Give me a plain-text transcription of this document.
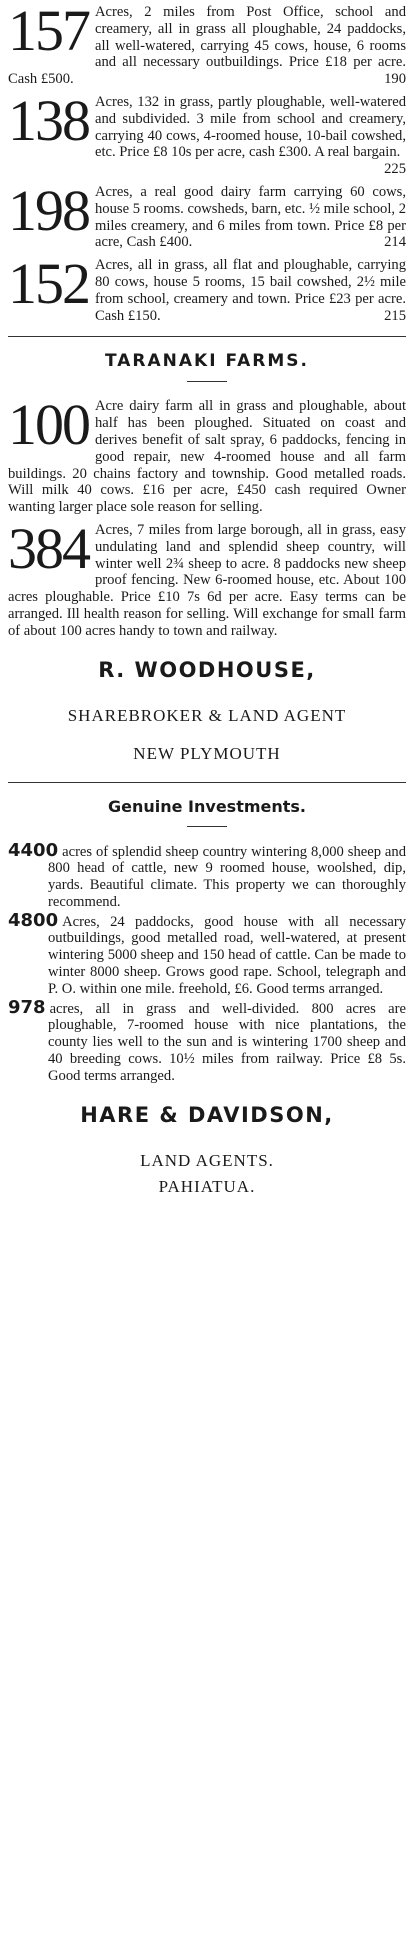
157 Acres, 2 miles from Post Office, school and creamery, all in grass all ploughable, 24 paddocks, all well-watered, carrying 45 cows, house, 6 rooms and all necessary outbuildings. Price £18 per acre. Cash £500.	190

138 Acres, 132 in grass, partly ploughable, well-watered and subdivided. 3 mile from school and creamery, carrying 40 cows, 4-roomed house, 10-bail cowshed, etc. Price £8 10s per acre, cash £300. A real bargain.
225

198 Acres, a real good dairy farm carrying 60 cows, house 5 rooms. cowsheds, barn, etc. ½ mile school, 2 miles creamery, and 6 miles from town. Price £8 per acre, Cash £400.	214

152 Acres, all in grass, all flat and ploughable, carrying 80 cows, house 5 rooms, 15 bail cowshed, 2½ mile from school, creamery and town. Price £23 per acre. Cash £150.	215

TARANAKI FARMS.
100 Acre dairy farm all in grass and ploughable, about half has been ploughed. Situated on coast and derives benefit of salt spray, 6 paddocks, fencing in good repair, new 4-roomed house and all farm buildings. 20 chains factory and township. Good metalled roads. Will milk 40 cows. £16 per acre, £450 cash required Owner wanting larger place sole reason for selling.

384 Acres, 7 miles from large borough, all in grass, easy undulating land and splendid sheep country, will winter well 2¾ sheep to acre. 8 paddocks new sheep proof fencing. New 6-roomed house, etc. About 100 acres ploughable. Price £10 7s 6d per acre. Easy terms can be arranged. Ill health reason for selling. Will exchange for small farm of about 100 acres handy to town and railway.

R. WOODHOUSE,
SHAREBROKER & LAND AGENT
NEW PLYMOUTH
Genuine Investments.
4400 acres of splendid sheep country wintering 8,000 sheep and 800 head of cattle, new 9 roomed house, woolshed, dip, yards. Beautiful climate. This property we can thoroughly recommend.
4800 Acres, 24 paddocks, good house with all necessary outbuildings, good metalled road, well-watered, at present wintering 5000 sheep and 150 head of cattle. Can be made to winter 8000 sheep. Grows good rape. School, telegraph and P. O. within one mile. freehold, £6. Good terms arranged.
978 acres, all in grass and well-divided. 800 acres are ploughable, 7-roomed house with nice plantations, the county lies well to the sun and is wintering 1700 sheep and 40 breeding cows. 10½ miles from railway. Price £8 5s. Good terms arranged.
HARE & DAVIDSON,
LAND AGENTS.
PAHIATUA.
